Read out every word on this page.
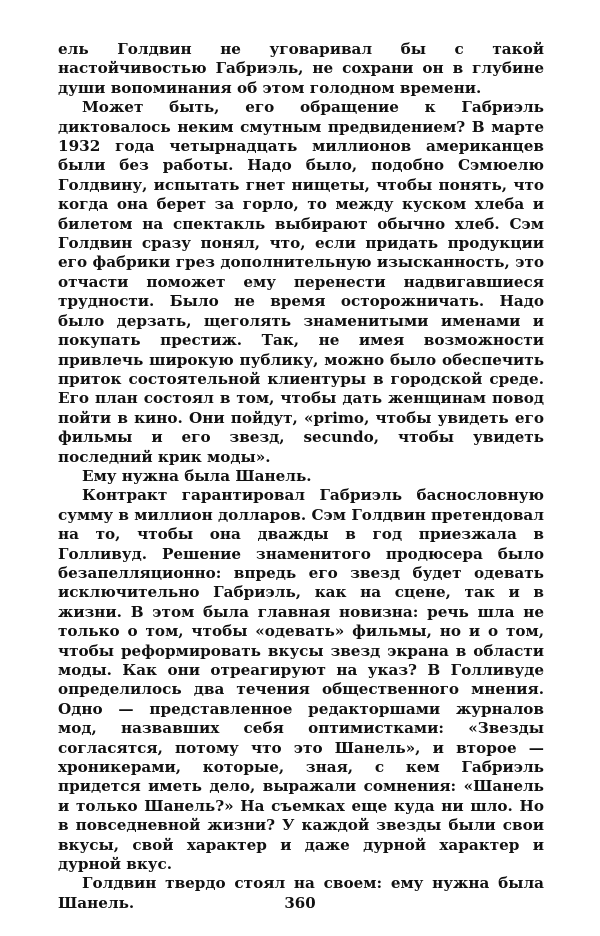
ель Голдвин не уговаривал бы с такой настойчивостью Габриэль, не сохрани он в глубине души вопоминания об этом голодном времени.

Может быть, его обращение к Габриэль диктовалось неким смутным предвидением? В марте 1932 года четырнадцать миллионов американцев были без работы. Надо было, подобно Сэмюелю Голдвину, испытать гнет нищеты, чтобы понять, что когда она берет за горло, то между куском хлеба и билетом на спектакль выбирают обычно хлеб. Сэм Голдвин сразу понял, что, если придать продукции его фабрики грез дополнительную изысканность, это отчасти поможет ему перенести надвигавшиеся трудности. Было не время осторожничать. Надо было дерзать, щеголять знаменитыми именами и покупать престиж. Так, не имея возможности привлечь широкую публику, можно было обеспечить приток состоятельной клиентуры в городской среде. Его план состоял в том, чтобы дать женщинам повод пойти в кино. Они пойдут, «primo, чтобы увидеть его фильмы и его звезд, secundo, чтобы увидеть последний крик моды».

Ему нужна была Шанель.

Контракт гарантировал Габриэль баснословную сумму в миллион долларов. Сэм Голдвин претендовал на то, чтобы она дважды в год приезжала в Голливуд. Решение знаменитого продюсера было безапелляционно: впредь его звезд будет одевать исключительно Габриэль, как на сцене, так и в жизни. В этом была главная новизна: речь шла не только о том, чтобы «одевать» фильмы, но и о том, чтобы реформировать вкусы звезд экрана в области моды. Как они отреагируют на указ? В Голливуде определилось два течения общественного мнения. Одно — представленное редакторшами журналов мод, назвавших себя оптимистками: «Звезды согласятся, потому что это Шанель», и второе — хроникерами, которые, зная, с кем Габриэль придется иметь дело, выражали сомнения: «Шанель и только Шанель?» На съемках еще куда ни шло. Но в повседневной жизни? У каждой звезды были свои вкусы, свой характер и даже дурной характер и дурной вкус.

Голдвин твердо стоял на своем: ему нужна была Шанель.	360
